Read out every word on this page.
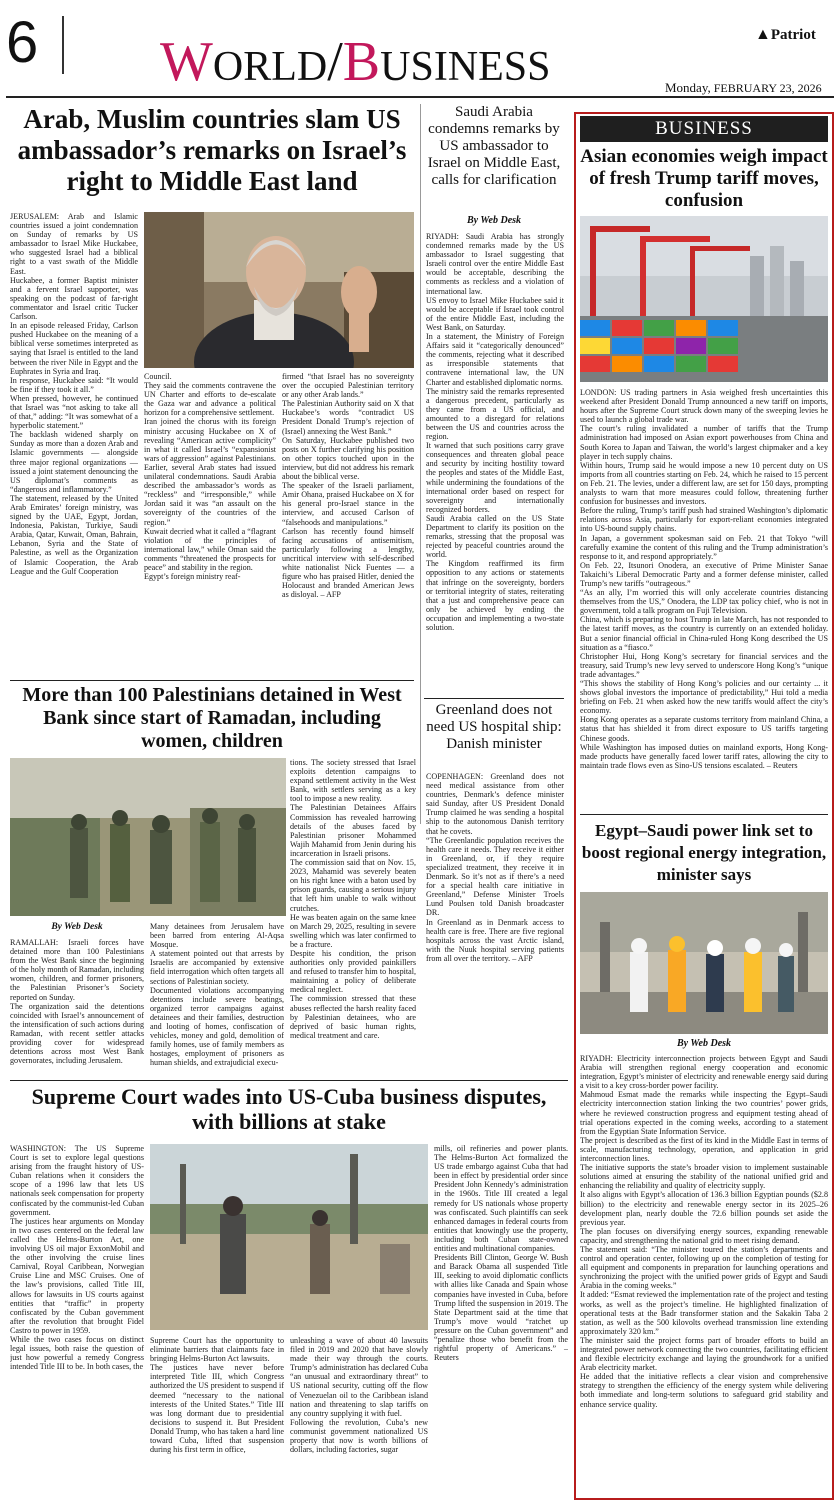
6 WORLD/BUSINESS
▲Patriot
Monday, FEBRUARY 23, 2026
Arab, Muslim countries slam US ambassador’s remarks on Israel’s right to Middle East land
JERUSALEM: Arab and Islamic countries issued a joint condemnation on Sunday of remarks by US ambassador to Israel Mike Huckabee, who suggested Israel had a biblical right to a vast swath of the Middle East.
Huckabee, a former Baptist minister and a fervent Israel supporter, was speaking on the podcast of far-right commentator and Israel critic Tucker Carlson.
In an episode released Friday, Carlson pushed Huckabee on the meaning of a biblical verse sometimes interpreted as saying that Israel is entitled to the land between the river Nile in Egypt and the Euphrates in Syria and Iraq.
In response, Huckabee said: “It would be fine if they took it all.”
When pressed, however, he continued that Israel was “not asking to take all of that,” adding: “It was somewhat of a hyperbolic statement.”
The backlash widened sharply on Sunday as more than a dozen Arab and Islamic governments — alongside three major regional organizations — issued a joint statement denouncing the US diplomat’s comments as “dangerous and inflammatory.”
The statement, released by the United Arab Emirates’ foreign ministry, was signed by the UAE, Egypt, Jordan, Indonesia, Pakistan, Turkiye, Saudi Arabia, Qatar, Kuwait, Oman, Bahrain, Lebanon, Syria and the State of Palestine, as well as the Organization of Islamic Cooperation, the Arab League and the Gulf Cooperation
Council.
They said the comments contravene the UN Charter and efforts to de-escalate the Gaza war and advance a political horizon for a comprehensive settlement.
Iran joined the chorus with its foreign ministry accusing Huckabee on X of revealing “American active complicity” in what it called Israel’s “expansionist wars of aggression” against Palestinians.
Earlier, several Arab states had issued unilateral condemnations. Saudi Arabia described the ambassador’s words as “reckless” and “irresponsible,” while Jordan said it was “an assault on the sovereignty of the countries of the region.”
Kuwait decried what it called a “flagrant violation of the principles of international law,” while Oman said the comments “threatened the prospects for peace” and stability in the region.
Egypt’s foreign ministry reaf-
firmed “that Israel has no sovereignty over the occupied Palestinian territory or any other Arab lands.”
The Palestinian Authority said on X that Huckabee’s words “contradict US President Donald Trump’s rejection of (Israel) annexing the West Bank.”
On Saturday, Huckabee published two posts on X further clarifying his position on other topics touched upon in the interview, but did not address his remark about the biblical verse.
The speaker of the Israeli parliament, Amir Ohana, praised Huckabee on X for his general pro-Israel stance in the interview, and accused Carlson of “falsehoods and manipulations.”
Carlson has recently found himself facing accusations of antisemitism, particularly following a lengthy, uncritical interview with self-described white nationalist Nick Fuentes — a figure who has praised Hitler, denied the Holocaust and branded American Jews as disloyal. – AFP
Saudi Arabia condemns remarks by US ambassador to Israel on Middle East, calls for clarification
By Web Desk
RIYADH: Saudi Arabia has strongly condemned remarks made by the US ambassador to Israel suggesting that Israeli control over the entire Middle East would be acceptable, describing the comments as reckless and a violation of international law.
US envoy to Israel Mike Huckabee said it would be acceptable if Israel took control of the entire Middle East, including the West Bank, on Saturday.
In a statement, the Ministry of Foreign Affairs said it “categorically denounced” the comments, rejecting what it described as irresponsible statements that contravene international law, the UN Charter and established diplomatic norms.
The ministry said the remarks represented a dangerous precedent, particularly as they came from a US official, and amounted to a disregard for relations between the US and countries across the region.
It warned that such positions carry grave consequences and threaten global peace and security by inciting hostility toward the peoples and states of the Middle East, while undermining the foundations of the international order based on respect for sovereignty and internationally recognized borders.
Saudi Arabia called on the US State Department to clarify its position on the remarks, stressing that the proposal was rejected by peaceful countries around the world.
The Kingdom reaffirmed its firm opposition to any actions or statements that infringe on the sovereignty, borders or territorial integrity of states, reiterating that a just and comprehensive peace can only be achieved by ending the occupation and implementing a two-state solution.
Greenland does not need US hospital ship: Danish minister
COPENHAGEN: Greenland does not need medical assistance from other countries, Denmark’s defence minister said Sunday, after US President Donald Trump claimed he was sending a hospital ship to the autonomous Danish territory that he covets.
“The Greenlandic population receives the health care it needs. They receive it either in Greenland, or, if they require specialized treatment, they receive it in Denmark. So it’s not as if there’s a need for a special health care initiative in Greenland,” Defense Minister Troels Lund Poulsen told Danish broadcaster DR.
In Greenland as in Denmark access to health care is free. There are five regional hospitals across the vast Arctic island, with the Nuuk hospital serving patients from all over the territory. – AFP
More than 100 Palestinians detained in West Bank since start of Ramadan, including women, children
By Web Desk
RAMALLAH: Israeli forces have detained more than 100 Palestinians from the West Bank since the beginning of the holy month of Ramadan, including women, children, and former prisoners, the Palestinian Prisoner’s Society reported on Sunday.
The organization said the detentions coincided with Israel’s announcement of the intensification of such actions during Ramadan, with recent settler attacks providing cover for widespread detentions across most West Bank governorates, including Jerusalem.
Many detainees from Jerusalem have been barred from entering Al-Aqsa Mosque.
A statement pointed out that arrests by Israelis are accompanied by extensive field interrogation which often targets all sections of Palestinian society.
Documented violations accompanying detentions include severe beatings, organized terror campaigns against detainees and their families, destruction and looting of homes, confiscation of vehicles, money and gold, demolition of family homes, use of family members as hostages, employment of prisoners as human shields, and extrajudicial execu-
tions. The society stressed that Israel exploits detention campaigns to expand settlement activity in the West Bank, with settlers serving as a key tool to impose a new reality.
The Palestinian Detainees Affairs Commission has revealed harrowing details of the abuses faced by Palestinian prisoner Mohammed Wajih Mahamid from Jenin during his incarceration in Israeli prisons.
The commission said that on Nov. 15, 2023, Mahamid was severely beaten on his right knee with a baton used by prison guards, causing a serious injury that left him unable to walk without crutches.
He was beaten again on the same knee on March 29, 2025, resulting in severe swelling which was later confirmed to be a fracture.
Despite his condition, the prison authorities only provided painkillers and refused to transfer him to hospital, maintaining a policy of deliberate medical neglect.
The commission stressed that these abuses reflected the harsh reality faced by Palestinian detainees, who are deprived of basic human rights, medical treatment and care.
Supreme Court wades into US-Cuba business disputes, with billions at stake
WASHINGTON: The US Supreme Court is set to explore legal questions arising from the fraught history of US-Cuban relations when it considers the scope of a 1996 law that lets US nationals seek compensation for property confiscated by the communist-led Cuban government.
The justices hear arguments on Monday in two cases centered on the federal law called the Helms-Burton Act, one involving US oil major ExxonMobil and the other involving the cruise lines Carnival, Royal Caribbean, Norwegian Cruise Line and MSC Cruises. One of the law’s provisions, called Title III, allows for lawsuits in US courts against entities that “traffic” in property confiscated by the Cuban government after the revolution that brought Fidel Castro to power in 1959.
While the two cases focus on distinct legal issues, both raise the question of just how powerful a remedy Congress intended Title III to be. In both cases, the
Supreme Court has the opportunity to eliminate barriers that claimants face in bringing Helms-Burton Act lawsuits.
The justices have never before interpreted Title III, which Congress authorized the US president to suspend if deemed “necessary to the national interests of the United States.” Title III was long dormant due to presidential decisions to suspend it. But President Donald Trump, who has taken a hard line toward Cuba, lifted that suspension during his first term in office,
unleashing a wave of about 40 lawsuits filed in 2019 and 2020 that have slowly made their way through the courts. Trump’s administration has declared Cuba “an unusual and extraordinary threat” to US national security, cutting off the flow of Venezuelan oil to the Caribbean island nation and threatening to slap tariffs on any country supplying it with fuel.
Following the revolution, Cuba’s new communist government nationalized US property that now is worth billions of dollars, including factories, sugar
mills, oil refineries and power plants. The Helms-Burton Act formalized the US trade embargo against Cuba that had been in effect by presidential order since President John Kennedy’s administration in the 1960s. Title III created a legal remedy for US nationals whose property was confiscated. Such plaintiffs can seek enhanced damages in federal courts from entities that knowingly use the property, including both Cuban state-owned entities and multinational companies.
Presidents Bill Clinton, George W. Bush and Barack Obama all suspended Title III, seeking to avoid diplomatic conflicts with allies like Canada and Spain whose companies have invested in Cuba, before Trump lifted the suspension in 2019. The State Department said at the time that Trump’s move would “ratchet up pressure on the Cuban government” and “penalize those who benefit from the rightful property of Americans.” – Reuters
BUSINESS
Asian economies weigh impact of fresh Trump tariff moves, confusion
LONDON: US trading partners in Asia weighed fresh uncertainties this weekend after President Donald Trump announced a new tariff on imports, hours after the Supreme Court struck down many of the sweeping levies he used to launch a global trade war.
The court’s ruling invalidated a number of tariffs that the Trump administration had imposed on Asian export powerhouses from China and South Korea to Japan and Taiwan, the world’s largest chipmaker and a key player in tech supply chains.
Within hours, Trump said he would impose a new 10 percent duty on US imports from all countries starting on Feb. 24, which he raised to 15 percent on Feb. 21. The levies, under a different law, are set for 150 days, prompting analysts to warn that more measures could follow, threatening further confusion for businesses and investors.
Before the ruling, Trump’s tariff push had strained Washington’s diplomatic relations across Asia, particularly for export-reliant economies integrated into US-bound supply chains.
In Japan, a government spokesman said on Feb. 21 that Tokyo “will carefully examine the content of this ruling and the Trump administration’s response to it, and respond appropriately.”
On Feb. 22, Itsunori Onodera, an executive of Prime Minister Sanae Takaichi’s Liberal Democratic Party and a former defense minister, called Trump’s new tariffs “outrageous.”
“As an ally, I’m worried this will only accelerate countries distancing themselves from the US,” Onodera, the LDP tax policy chief, who is not in government, told a talk program on Fuji Television.
China, which is preparing to host Trump in late March, has not responded to the latest tariff moves, as the country is currently on an extended holiday. But a senior financial official in China-ruled Hong Kong described the US situation as a “fiasco.”
Christopher Hui, Hong Kong’s secretary for financial services and the treasury, said Trump’s new levy served to underscore Hong Kong’s “unique trade advantages.”
“This shows the stability of Hong Kong’s policies and our certainty ... it shows global investors the importance of predictability,” Hui told a media briefing on Feb. 21 when asked how the new tariffs would affect the city’s economy.
Hong Kong operates as a separate customs territory from mainland China, a status that has shielded it from direct exposure to US tariffs targeting Chinese goods.
While Washington has imposed duties on mainland exports, Hong Kong-made products have generally faced lower tariff rates, allowing the city to maintain trade flows even as Sino-US tensions escalated. – Reuters
Egypt–Saudi power link set to boost regional energy integration, minister says
By Web Desk
RIYADH: Electricity interconnection projects between Egypt and Saudi Arabia will strengthen regional energy cooperation and economic integration, Egypt’s minister of electricity and renewable energy said during a visit to a key cross-border power facility.
Mahmoud Esmat made the remarks while inspecting the Egypt–Saudi electricity interconnection station linking the two countries’ power grids, where he reviewed construction progress and equipment testing ahead of trial operations expected in the coming weeks, according to a statement from the Egyptian State Information Service.
The project is described as the first of its kind in the Middle East in terms of scale, manufacturing technology, operation, and application in grid interconnection lines.
The initiative supports the state’s broader vision to implement sustainable solutions aimed at ensuring the stability of the national unified grid and enhancing the reliability and quality of electricity supply.
It also aligns with Egypt’s allocation of 136.3 billion Egyptian pounds ($2.8 billion) to the electricity and renewable energy sector in its 2025–26 development plan, nearly double the 72.6 billion pounds set aside the previous year.
The plan focuses on diversifying energy sources, expanding renewable capacity, and strengthening the national grid to meet rising demand.
The statement said: “The minister toured the station’s departments and control and operation center, following up on the completion of testing for all equipment and components in preparation for launching operations and synchronizing the project with the unified power grids of Egypt and Saudi Arabia in the coming weeks.”
It added: “Esmat reviewed the implementation rate of the project and testing works, as well as the project’s timeline. He highlighted finalization of operational tests at the Badr transformer station and the Sakakin Taba 2 station, as well as the 500 kilovolts overhead transmission line extending approximately 320 km.”
The minister said the project forms part of broader efforts to build an integrated power network connecting the two countries, facilitating efficient and flexible electricity exchange and laying the groundwork for a unified Arab electricity market.
He added that the initiative reflects a clear vision and comprehensive strategy to strengthen the efficiency of the energy system while delivering both immediate and long-term solutions to safeguard grid stability and enhance service quality.
